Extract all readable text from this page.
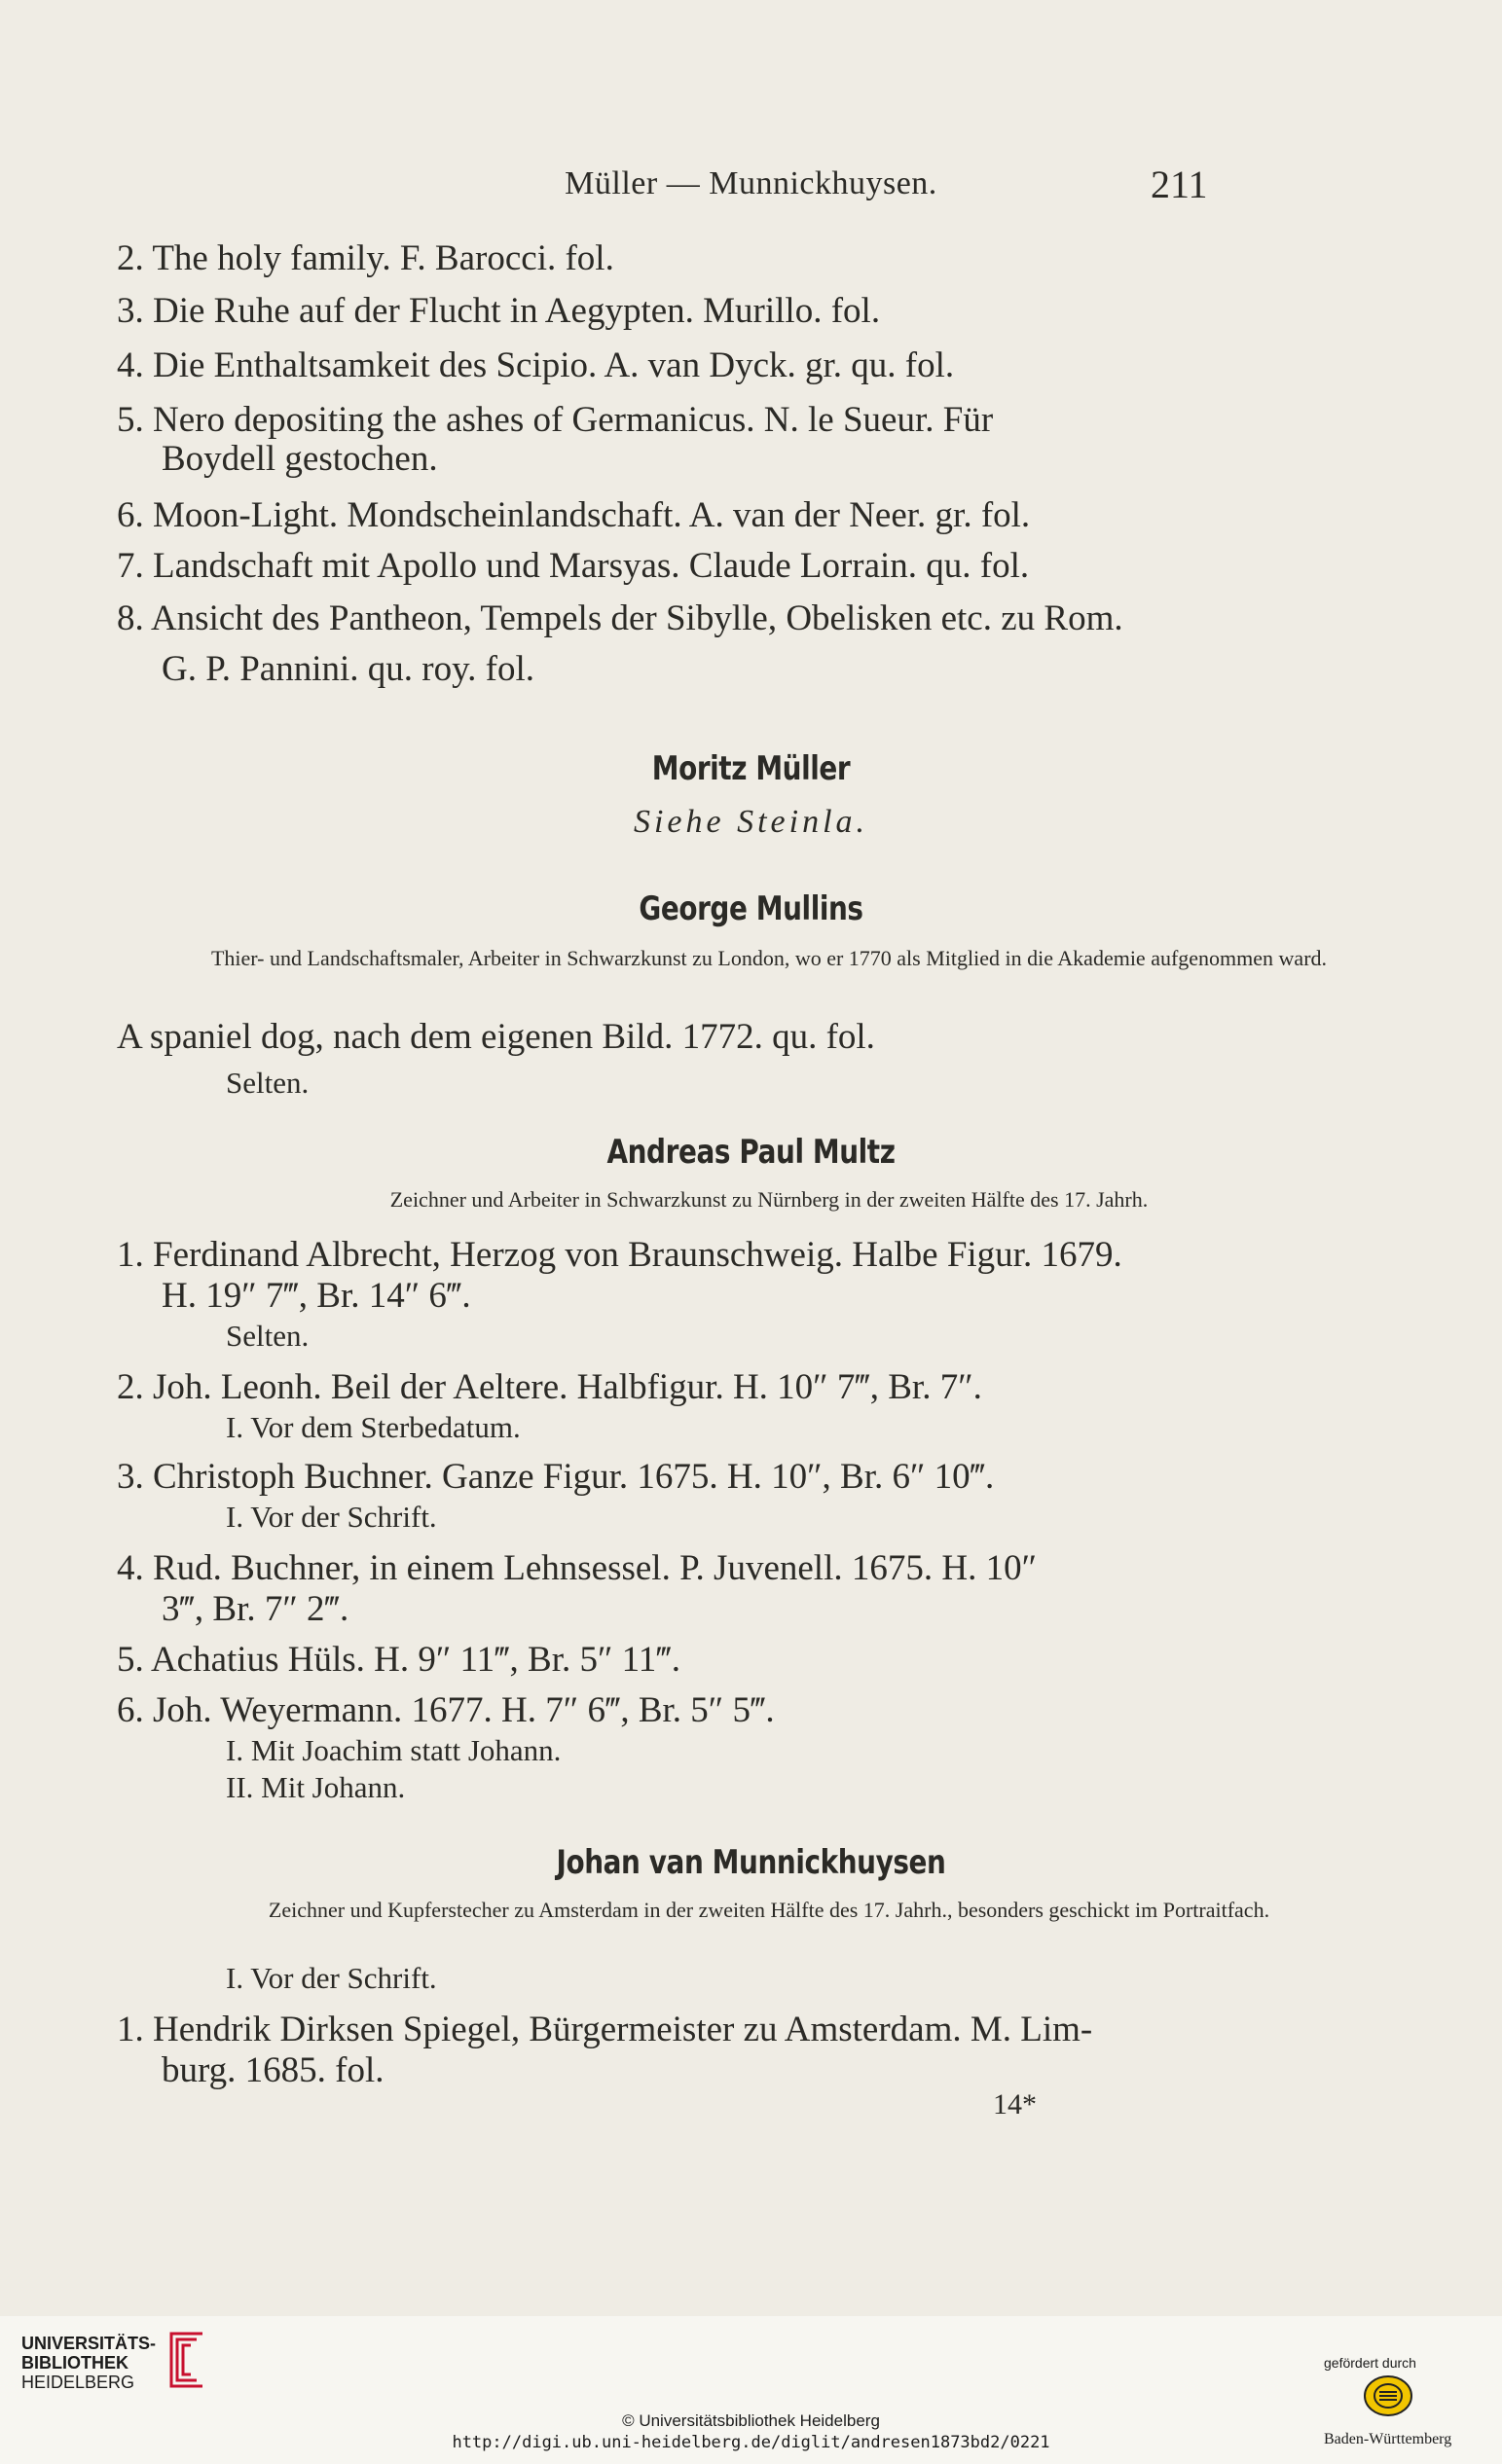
Müller — Munnickhuysen.	211
2. The holy family. F. Barocci. fol.
3. Die Ruhe auf der Flucht in Aegypten. Murillo. fol.
4. Die Enthaltsamkeit des Scipio. A. van Dyck. gr. qu. fol.
5. Nero depositing the ashes of Germanicus. N. le Sueur. Für
Boydell gestochen.
6. Moon-Light. Mondscheinlandschaft. A. van der Neer. gr. fol.
7. Landschaft mit Apollo und Marsyas. Claude Lorrain. qu. fol.
8. Ansicht des Pantheon, Tempels der Sibylle, Obelisken etc. zu Rom.
G. P. Pannini. qu. roy. fol.
Moritz Müller
Siehe Steinla.
George Mullins
Thier- und Landschaftsmaler, Arbeiter in Schwarzkunst zu London, wo er 1770 als Mitglied in die Akademie aufgenommen ward.
A spaniel dog, nach dem eigenen Bild. 1772. qu. fol.
Selten.
Andreas Paul Multz
Zeichner und Arbeiter in Schwarzkunst zu Nürnberg in der zweiten Hälfte des 17. Jahrh.
1. Ferdinand Albrecht, Herzog von Braunschweig. Halbe Figur. 1679.
H. 19″ 7‴, Br. 14″ 6‴.
Selten.
2. Joh. Leonh. Beil der Aeltere. Halbfigur. H. 10″ 7‴, Br. 7″.
I. Vor dem Sterbedatum.
3. Christoph Buchner. Ganze Figur. 1675. H. 10″, Br. 6″ 10‴.
I. Vor der Schrift.
4. Rud. Buchner, in einem Lehnsessel. P. Juvenell. 1675. H. 10″
3‴, Br. 7″ 2‴.
5. Achatius Hüls. H. 9″ 11‴, Br. 5″ 11‴.
6. Joh. Weyermann. 1677. H. 7″ 6‴, Br. 5″ 5‴.
I. Mit Joachim statt Johann.
II. Mit Johann.
Johan van Munnickhuysen
Zeichner und Kupferstecher zu Amsterdam in der zweiten Hälfte des 17. Jahrh., besonders geschickt im Portraitfach.
I. Vor der Schrift.
1. Hendrik Dirksen Spiegel, Bürgermeister zu Amsterdam. M. Lim-
burg. 1685. fol.
14*
UNIVERSITÄTS-
BIBLIOTHEK
HEIDELBERG
© Universitätsbibliothek Heidelberg
http://digi.ub.uni-heidelberg.de/diglit/andresen1873bd2/0221
gefördert durch
Baden-Württemberg
